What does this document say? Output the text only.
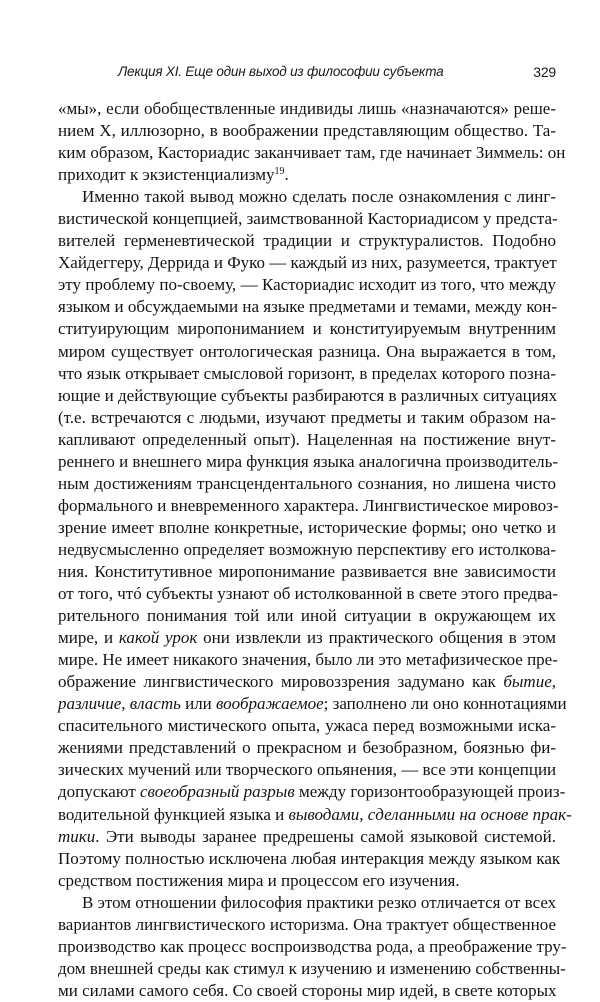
Лекция XI. Еще один выход из философии субъекта	329
«мы», если обобществленные индивиды лишь «назначаются» реше-
нием X, иллюзорно, в воображении представляющим общество. Та-
ким образом, Касториадис заканчивает там, где начинает Зиммель: он
приходит к экзистенциализму$^{19}$.
Именно такой вывод можно сделать после ознакомления с линг-
вистической концепцией, заимствованной Касториадисом у предста-
вителей герменевтической традиции и структуралистов. Подобно
Хайдеггеру, Деррида и Фуко — каждый из них, разумеется, трактует
эту проблему по-своему, — Касториадис исходит из того, что между
языком и обсуждаемыми на языке предметами и темами, между кон-
ституирующим миропониманием и конституируемым внутренним
миром существует онтологическая разница. Она выражается в том,
что язык открывает смысловой горизонт, в пределах которого позна-
ющие и действующие субъекты разбираются в различных ситуациях
(т.е. встречаются с людьми, изучают предметы и таким образом на-
капливают определенный опыт). Нацеленная на постижение внут-
реннего и внешнего мира функция языка аналогична производитель-
ным достижениям трансцендентального сознания, но лишена чисто
формального и вневременного характера. Лингвистическое мировоз-
зрение имеет вполне конкретные, исторические формы; оно четко и
недвусмысленно определяет возможную перспективу его истолкова-
ния. Конститутивное миропонимание развивается вне зависимости
от того, чтó субъекты узнают об истолкованной в свете этого предва-
рительного понимания той или иной ситуации в окружающем их
мире, и какой урок они извлекли из практического общения в этом
мире. Не имеет никакого значения, было ли это метафизическое пре-
ображение лингвистического мировоззрения задумано как бытие,
различие, власть или воображаемое; заполнено ли оно коннотациями
спасительного мистического опыта, ужаса перед возможными иска-
жениями представлений о прекрасном и безобразном, боязнью фи-
зических мучений или творческого опьянения, — все эти концепции
допускают своеобразный разрыв между горизонтообразующей произ-
водительной функцией языка и выводами, сделанными на основе прак-
тики. Эти выводы заранее предрешены самой языковой системой.
Поэтому полностью исключена любая интеракция между языком как
средством постижения мира и процессом его изучения.
В этом отношении философия практики резко отличается от всех
вариантов лингвистического историзма. Она трактует общественное
производство как процесс воспроизводства рода, а преображение тру-
дом внешней среды как стимул к изучению и изменению собственны-
ми силами самого себя. Со своей стороны мир идей, в свете которых
